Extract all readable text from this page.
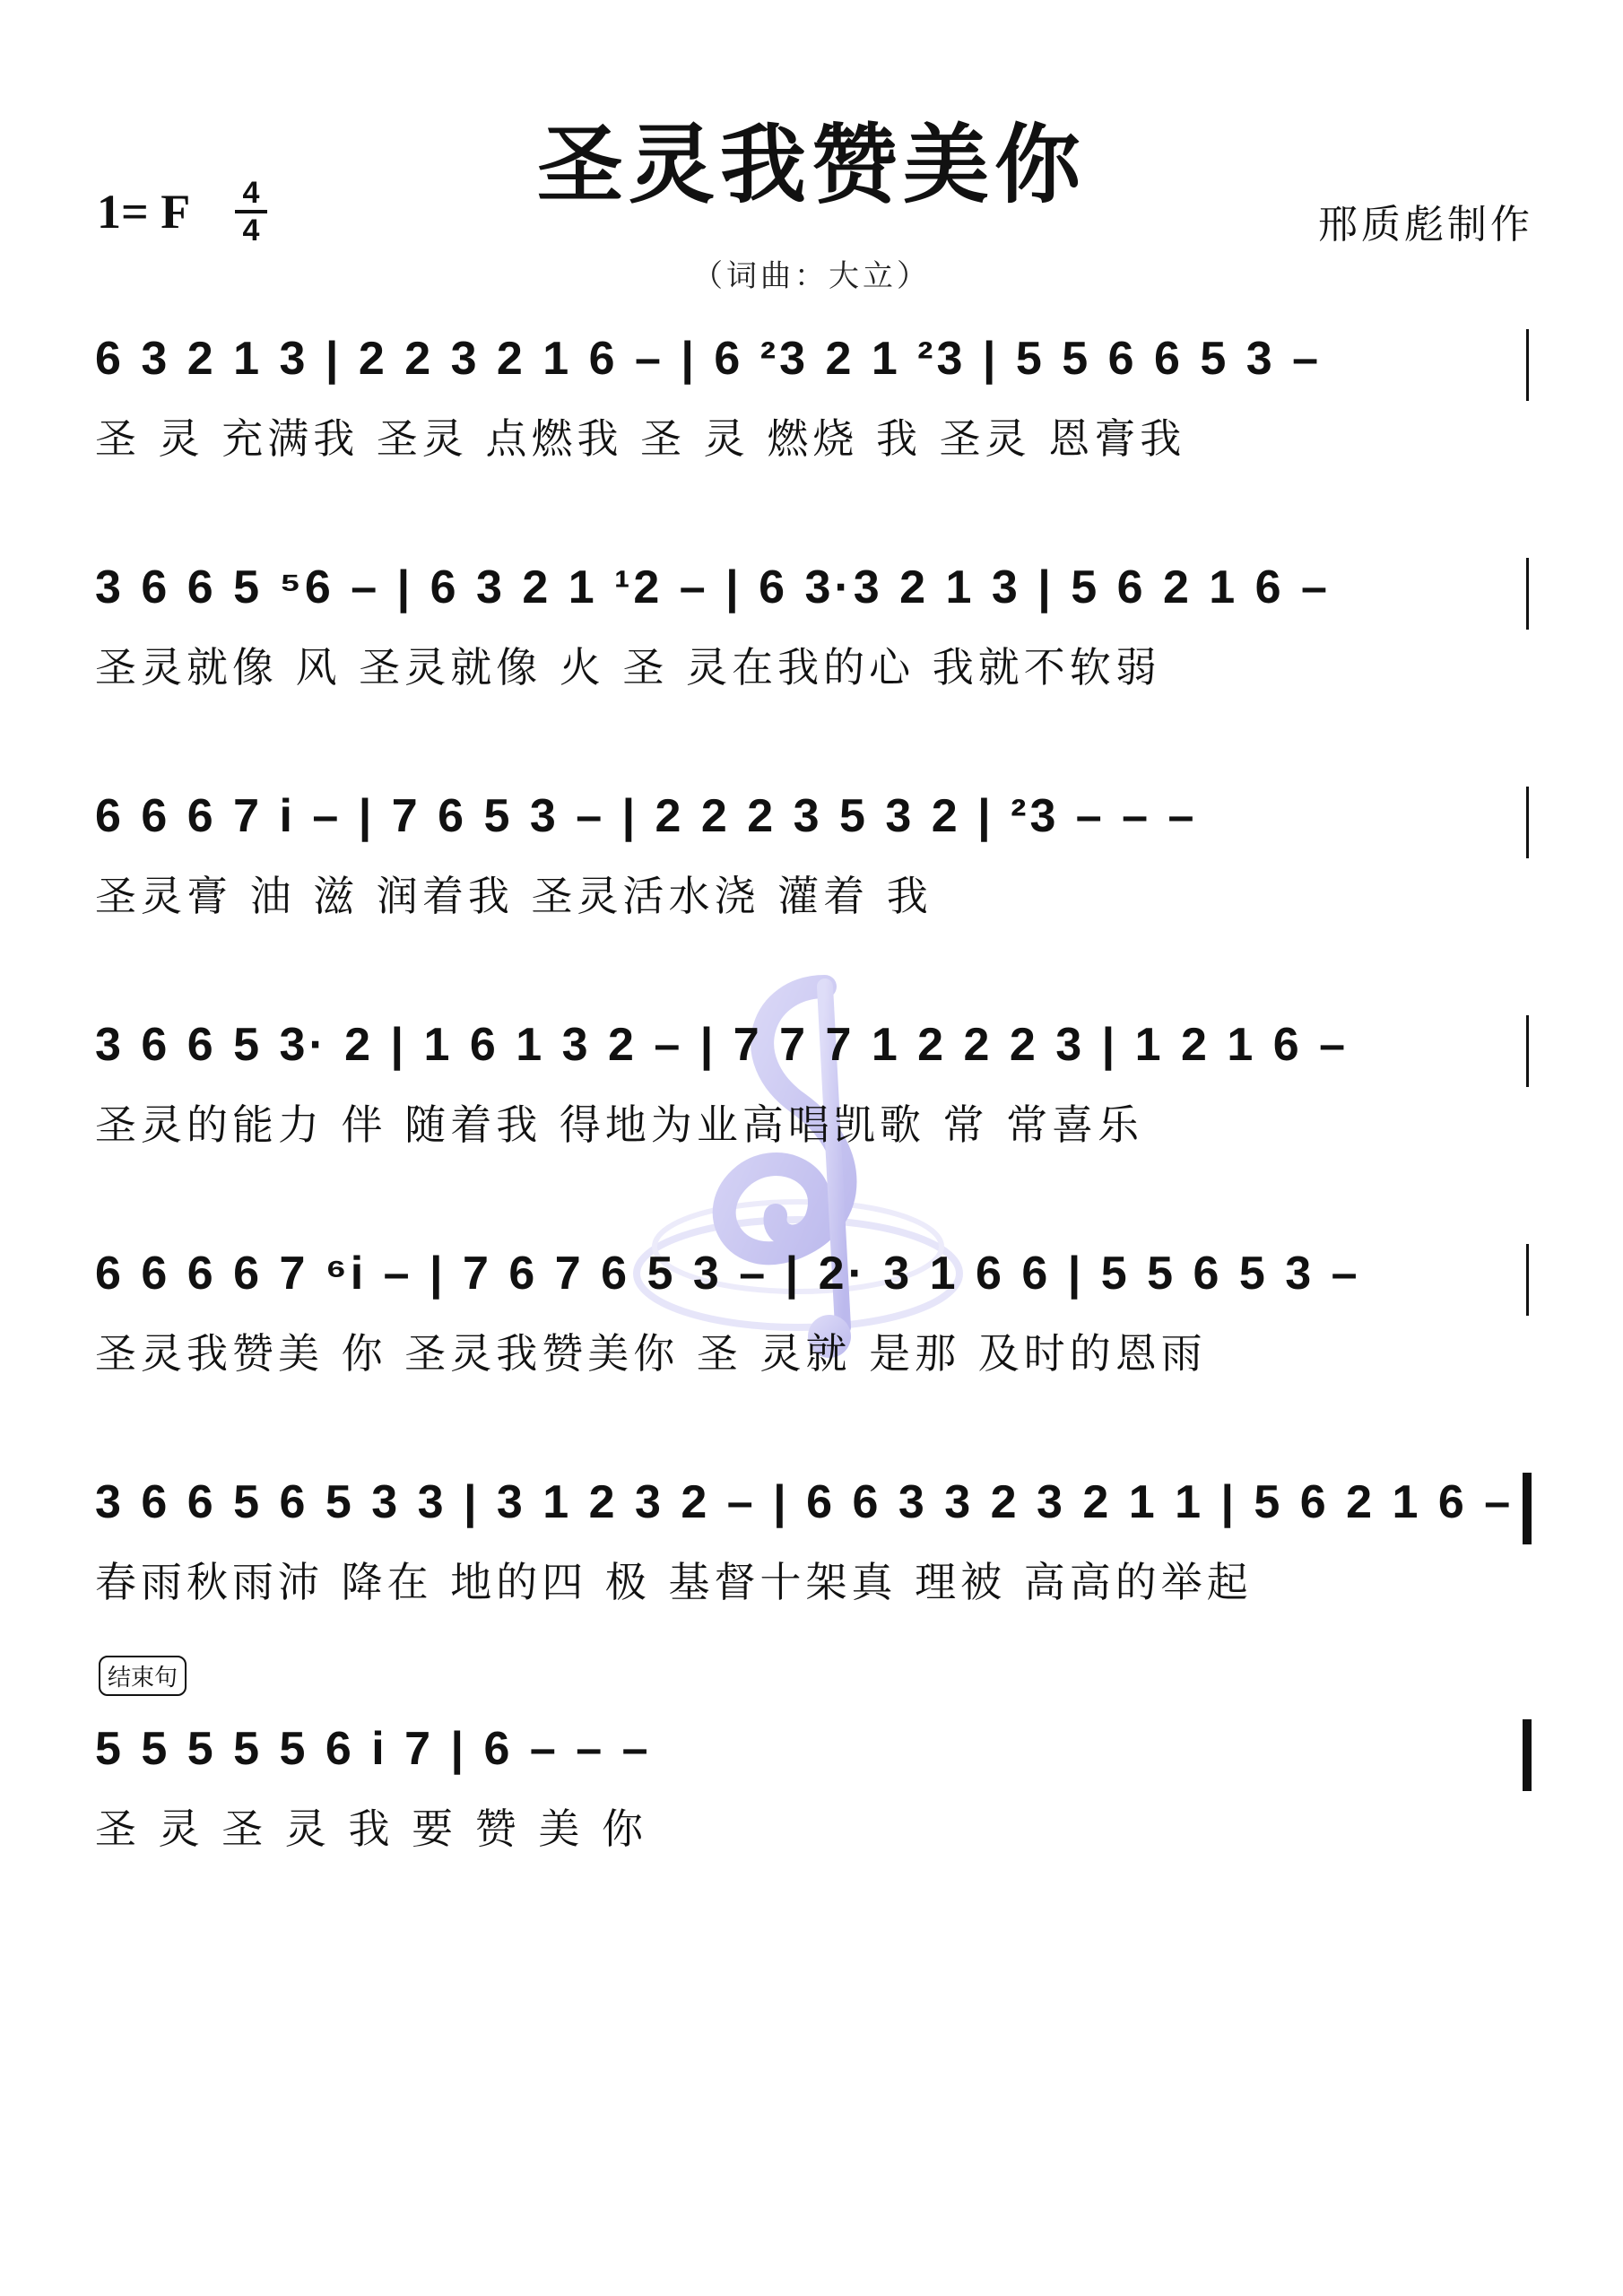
圣灵我赞美你
1= F 4
4	邢质彪制作
（词曲：大立）
6 3 2 1 3 | 2 2 3 2 1 6 – | 6 ²3 2 1 ²3 | 5 5 6 6 5 3 –
圣 灵 充满我 圣灵 点燃我 圣 灵 燃烧 我 圣灵 恩膏我
3 6 6 5 ⁵6 – | 6 3 2 1 ¹2 – | 6 3·3 2 1 3 | 5 6 2 1 6 –
圣灵就像 风 圣灵就像 火 圣 灵在我的心 我就不软弱
6 6 6 7 i – | 7 6 5 3 – | 2 2 2 3 5 3 2 | ²3 – – –
圣灵膏 油 滋 润着我 圣灵活水浇 灌着 我
3 6 6 5 3· 2 | 1 6 1 3 2 – | 7 7 7 1 2 2 2 3 | 1 2 1 6 –
圣灵的能力 伴 随着我 得地为业高唱凯歌 常 常喜乐
6 6 6 6 7 ⁶i – | 7 6 7 6 5 3 – | 2· 3 1 6 6 | 5 5 6 5 3 –
圣灵我赞美 你 圣灵我赞美你 圣 灵就 是那 及时的恩雨
3 6 6 5 6 5 3 3 | 3 1 2 3 2 – | 6 6 3 3 2 3 2 1 1 | 5 6 2 1 6 –
春雨秋雨沛 降在 地的四 极 基督十架真 理被 高高的举起
结束句
5 5 5 5 5 6 i 7 | 6 – – –
圣 灵 圣 灵 我 要 赞 美 你
